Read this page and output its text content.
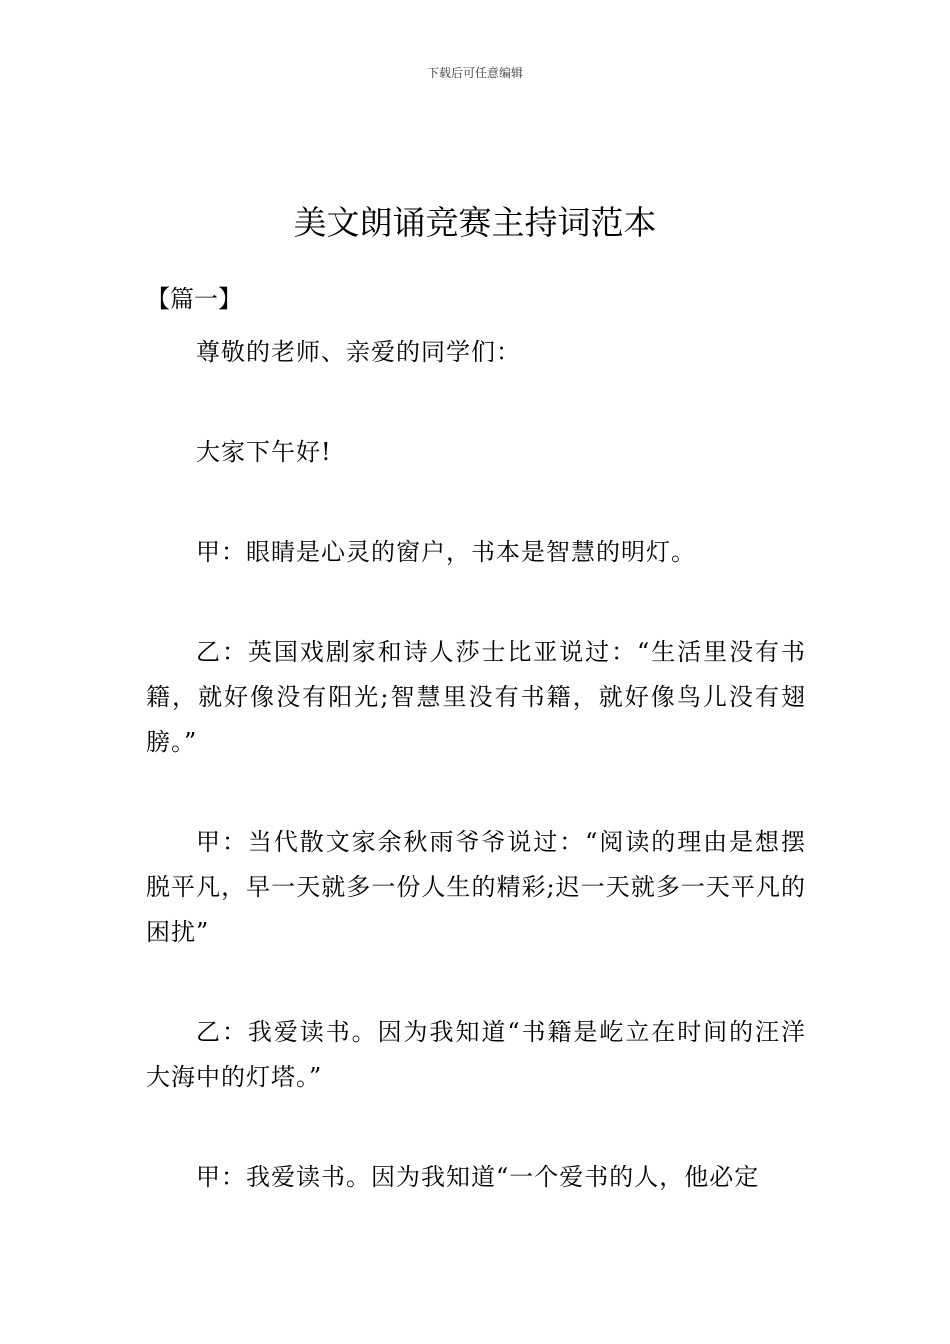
下载后可任意编辑
美文朗诵竞赛主持词范本
【篇一】

尊敬的老师、亲爱的同学们：

大家下午好!

甲：眼睛是心灵的窗户，书本是智慧的明灯。

乙：英国戏剧家和诗人莎士比亚说过：“生活里没有书籍，就好像没有阳光;智慧里没有书籍，就好像鸟儿没有翅膀。”

甲：当代散文家余秋雨爷爷说过：“阅读的理由是想摆脱平凡，早一天就多一份人生的精彩;迟一天就多一天平凡的困扰”

乙：我爱读书。因为我知道“书籍是屹立在时间的汪洋大海中的灯塔。”

甲：我爱读书。因为我知道“一个爱书的人，他必定
